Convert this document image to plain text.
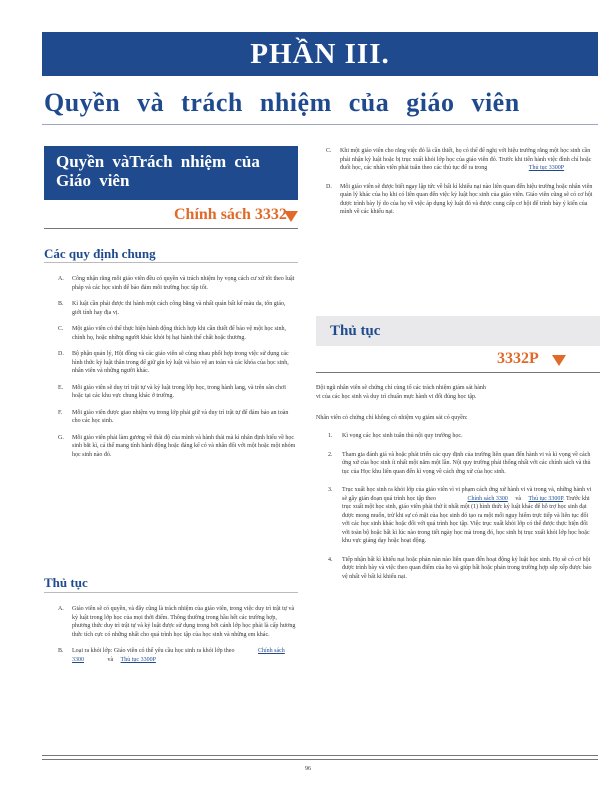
PHẦN III.
Quyền và trách nhiệm của giáo viên
Quyền vàTrách nhiệm của Giáo viên
Chính sách 3332
Các quy định chung
A. Công nhận rằng mỗi giáo viên đều có quyền và trách nhiệm hy vọng cách cư xử tôt theo luật pháp và các học sinh để bảo đảm môi trường học tập tốt.
B. Kỉ luật cần phải được thi hành một cách công bằng và nhất quán bất kể màu da, tôn giáo, giới tính hay địa vị.
C. Một giáo viên có thể thực hiện hành động thích hợp khi cần thiết để bảo vệ một học sinh, chính họ, hoặc những người khác khỏi bị hại hành thể chất hoặc thương.
D. Bộ phận quản lý, Hội đồng và các giáo viên sẽ cùng nhau phối hợp trong việc sử dụng các hình thức kỷ luật thân trong để giữ gìn kỷ luật và bảo vệ an toàn và các khóa của học sinh, nhân viên và những người khác.
E. Mỗi giáo viên sẽ duy trì trật tự và kỷ luật trong lớp học, trong hành lang, và trên sân chơi hoặc tại các khu vực chung khác ở trường.
F. Mỗi giáo viên được giao nhiệm vụ trong lớp phải giữ và duy trì trật tự để đảm bảo an toàn cho các học sinh.
G. Mỗi giáo viên phải làm gương về thái độ của mình và hành thái mà kì nhân định hiểu về học sinh bắt kì, cả thể mang tính hành động hoặc đáng kể có và nhân đổi với một hoặc một nhóm học sinh nào đó.
Thủ tục
A. Giáo viên sẽ có quyền, và đây cũng là trách nhiệm của giáo viên, trong việc duy trì trật tự và kỷ luật trong lớp học của mọi thời điểm. Thông thường trong hầu hết các trường hợp, phương thức duy trì trật tự và kỷ luật được sử dụng trong bởi cánh lớp học phải là cấp hương thức tích cực có những nhất cho quá trình học tập của học sinh và những em khác.
B. Loại ra khỏi lớp: Giáo viên có thể yêu cầu học sinh ra khỏi lớp theo	Chính sách 3300	và Thủ tục 3300P
C. Khi một giáo viên cho rằng việc đó là cần thiết, họ có thể để nghị với hiệu trưởng rằng một học sinh cần phải nhận kỷ luật hoặc bị trục xuất khỏi lớp học của giáo viên đó. Trước khi tiến hành việc đình chỉ hoặc đuổi học, các nhân viên phải tuân theo các thủ tục để ra trong	Thủ tục 3300P
D. Mỗi giáo viên sẽ được biết ngay lập tức về bất kì khiếu nại nào liên quan đến hiệu trưởng hoặc nhân viên quản lý khác của họ khi có liên quan đến việc kỷ luật học sinh của giáo viên. Giáo viên cũng sẽ có cơ hội được trình bày lý do của họ về việc áp dụng kỷ luật đó và được cung cấp cơ hội để trình bày ý kiến của mình về các khiếu nại.
Thủ tục
3332P

Đội ngũ nhân viên sẽ chứng chỉ cùng tổ các trách nhiệm giảm sát hành vi của các học sinh và duy trì chuẩn mực hành vi đối đúng học tập.

Nhân viên có chứng chỉ không có nhiệm vụ giám sát có quyền:

1. Kì vọng các học sinh tuân thủ nội quy trường học.
2. Tham gia đánh giá và hoặc phát triển các quy định của trường liên quan đến hành vi và kì vọng về cách ứng xử của học sinh ít nhất một năm một lần. Nội quy trường phải thống nhất với các chính sách và thủ tục của Học khu liên quan đến kì vọng về cách ứng xử của học sinh.
3. Trục xuất học sinh ra khỏi lớp của giáo viên vì vi phạm cách ứng xử hành vi và trong và, những hành vi sẽ gây gián đoạn quá trình học tập theo	Chính sách 3300 và Thủ tục 3300P. Trước khi trục xuất một học sinh, giáo viên phải thử ít nhất một (1) hình thức kỷ luật khác để hỗ trợ học sinh đạt được mong muốn, trừ khi sự có mặt của học sinh đó tạo ra một mối nguy hiểm trực tiếp và liên tục đối với các học sinh khác hoặc đối với quá trình học tập. Việc trục xuất khỏi lớp có thể được thực hiện đối với toàn bộ hoặc bất kì lúc nào trong tiết ngày học mà trong đó, học sinh bị trục xuất khỏi lớp học hoặc khu vực giảng dạy hoặc hoạt động.
4. Tiếp nhận bất kì khiếu nại hoặc phàn nàn nào liên quan đến hoạt động kỷ luật học sinh. Họ sẽ có cơ hội được trình bày và việc theo quan điểm của họ và giúp bất hoặc phản trong trường hợp sắp xếp được bảo vệ nhất về bất kì khiếu nại.
96
